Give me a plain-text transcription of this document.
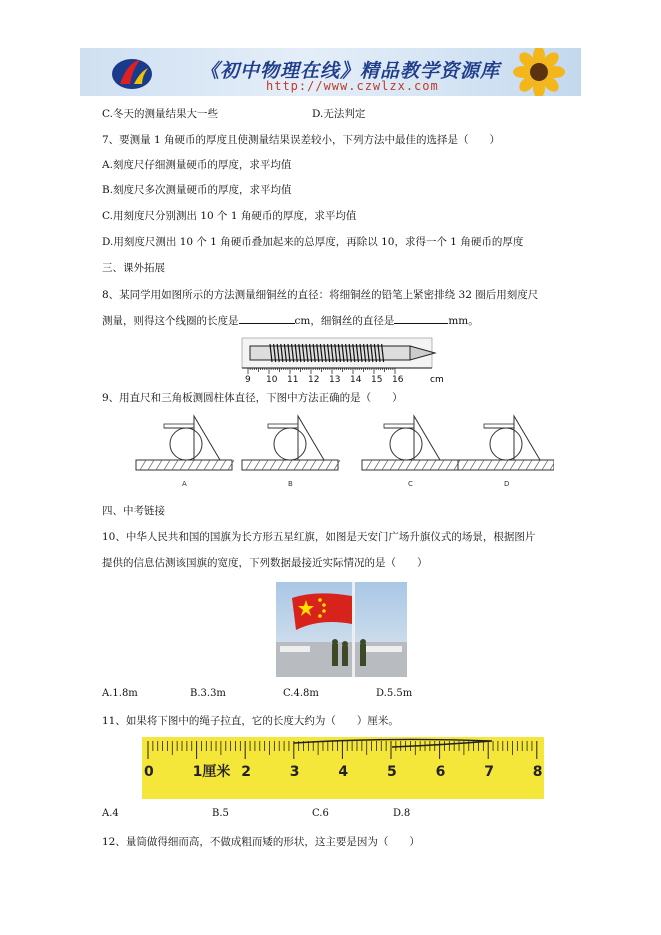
《初中物理在线》精品教学资源库
http://www.czwlzx.com
C.冬天的测量结果大一些	D.无法判定
7、要测量 1 角硬币的厚度且使测量结果误差较小，下列方法中最佳的选择是（　　）
A.刻度尺仔细测量硬币的厚度，求平均值
B.刻度尺多次测量硬币的厚度，求平均值
C.用刻度尺分别测出 10 个 1 角硬币的厚度，求平均值
D.用刻度尺测出 10 个 1 角硬币叠加起来的总厚度，再除以 10，求得一个 1 角硬币的厚度
三、课外拓展
8、某同学用如图所示的方法测量细铜丝的直径：将细铜丝的铅笔上紧密排绕 32 圈后用刻度尺
测量，则得这个线圈的长度是	cm，细铜丝的直径是	mm。
9 10 11 12 13 14 15 16	cm
9、用直尺和三角板测圆柱体直径，下图中方法正确的是（　　）
A	B	C	D
四、中考链接
10、中华人民共和国的国旗为长方形五星红旗，如图是天安门广场升旗仪式的场景，根据图片
提供的信息估测该国旗的宽度，下列数据最接近实际情况的是（　　）
A.1.8m	B.3.3m	C.4.8m	D.5.5m
11、如果将下图中的绳子拉直，它的长度大约为（　　）厘米。
0	1厘米 2	3	4	5	6	7	8
A.4	B.5	C.6	D.8
12、量筒做得细而高，不做成粗而矮的形状，这主要是因为（　　）
